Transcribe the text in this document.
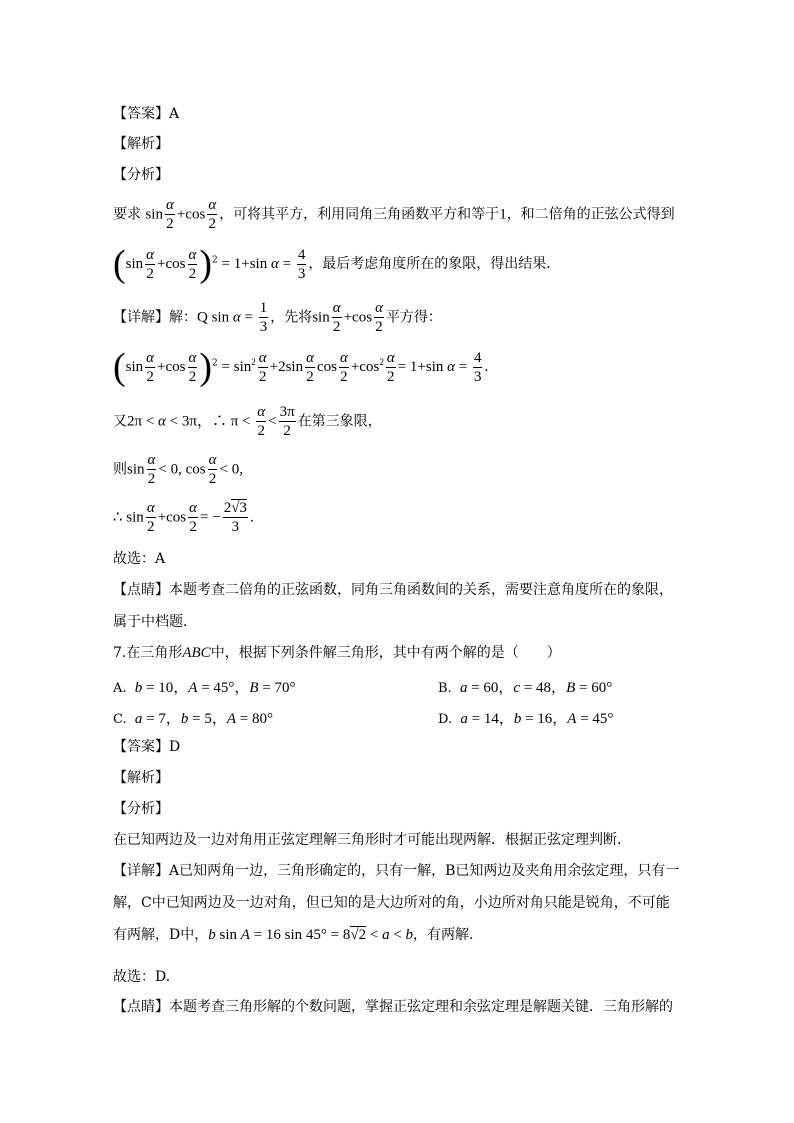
【答案】A
【解析】
【分析】
要求 $\sin \frac{\alpha}{2} +\cos \frac{\alpha}{2}$ ，可将其平方，利用同角三角函数平方和等于1，和二倍角的正弦公式得到
$(\sin \frac{\alpha}{2} +\cos \frac{\alpha}{2} )^2 = 1+\sin$ $\alpha = \frac{4}{3}$ ，最后考虑角度所在的象限，得出结果．
【详解】解：Q $\sin \alpha = \frac{1}{3}$ ，先将$\sin \frac{\alpha}{2} +\cos \frac{\alpha}{2}$ 平方得：
$(\sin \frac{\alpha}{2} +\cos \frac{\alpha}{2} )^2 = \sin^2 \frac{\alpha}{2} +2\sin \frac{\alpha}{2}$ $\cos \frac{\alpha}{2} +\cos^2 \frac{\alpha}{2} = 1+\sin$ $\alpha = \frac{4}{3}$ .
又2π < α < 3π，∴ $\pi < \frac{\alpha}{2} < \frac{3\pi}{2}$ 在第三象限，
则$\sin \frac{\alpha}{2} < 0$, $\cos \frac{\alpha}{2} < 0$,
∴ $\sin \frac{\alpha}{2} +\cos \frac{\alpha}{2}$ = − $\frac{2√3}{3}$ .
故选：A
【点睛】本题考查二倍角的正弦函数，同角三角函数间的关系，需要注意角度所在的象限，属于中档题．
7.在三角形ABC中，根据下列条件解三角形，其中有两个解的是（　　）
A. b = 10，A = 45°，B = 70°	B. a = 60，c = 48，B = 60°
C. a = 7，b = 5，A = 80°	D. a = 14，b = 16，A = 45°
【答案】D
【解析】
【分析】
在已知两边及一边对角用正弦定理解三角形时才可能出现两解．根据正弦定理判断．
【详解】A已知两角一边，三角形确定的，只有一解，B已知两边及夹角用余弦定理，只有一解，C中已知两边及一边对角，但已知的是大边所对的角，小边所对角只能是锐角，不可能有两解，D中，b sin A = 16 sin 45° = 8√2 < a < b，有两解．
故选：D.
【点睛】本题考查三角形解的个数问题，掌握正弦定理和余弦定理是解题关键．三角形解的
